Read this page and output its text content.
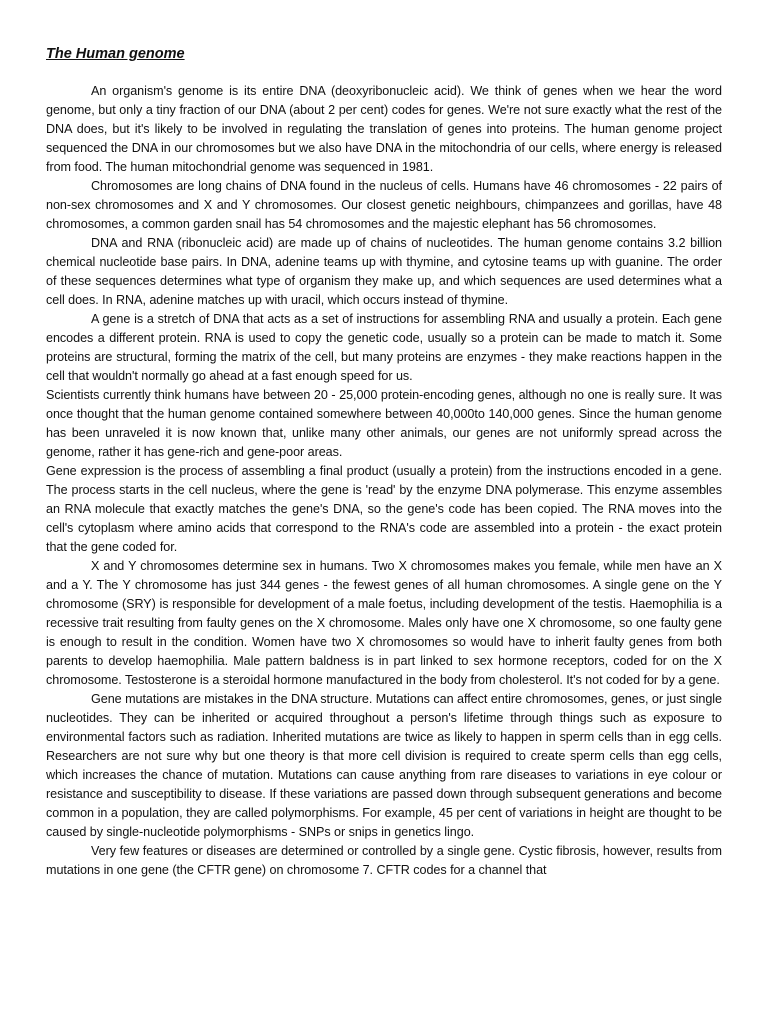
The Human genome

An organism's genome is its entire DNA (deoxyribonucleic acid). We think of genes when we hear the word genome, but only a tiny fraction of our DNA (about 2 per cent) codes for genes. We're not sure exactly what the rest of the DNA does, but it's likely to be involved in regulating the translation of genes into proteins. The human genome project sequenced the DNA in our chromosomes but we also have DNA in the mitochondria of our cells, where energy is released from food. The human mitochondrial genome was sequenced in 1981.

Chromosomes are long chains of DNA found in the nucleus of cells. Humans have 46 chromosomes - 22 pairs of non-sex chromosomes and X and Y chromosomes. Our closest genetic neighbours, chimpanzees and gorillas, have 48 chromosomes, a common garden snail has 54 chromosomes and the majestic elephant has 56 chromosomes.

DNA and RNA (ribonucleic acid) are made up of chains of nucleotides. The human genome contains 3.2 billion chemical nucleotide base pairs. In DNA, adenine teams up with thymine, and cytosine teams up with guanine. The order of these sequences determines what type of organism they make up, and which sequences are used determines what a cell does. In RNA, adenine matches up with uracil, which occurs instead of thymine.

A gene is a stretch of DNA that acts as a set of instructions for assembling RNA and usually a protein. Each gene encodes a different protein. RNA is used to copy the genetic code, usually so a protein can be made to match it. Some proteins are structural, forming the matrix of the cell, but many proteins are enzymes - they make reactions happen in the cell that wouldn't normally go ahead at a fast enough speed for us.

Scientists currently think humans have between 20 - 25,000 protein-encoding genes, although no one is really sure. It was once thought that the human genome contained somewhere between 40,000to 140,000 genes. Since the human genome has been unraveled it is now known that, unlike many other animals, our genes are not uniformly spread across the genome, rather it has gene-rich and gene-poor areas.

Gene expression is the process of assembling a final product (usually a protein) from the instructions encoded in a gene. The process starts in the cell nucleus, where the gene is 'read' by the enzyme DNA polymerase. This enzyme assembles an RNA molecule that exactly matches the gene's DNA, so the gene's code has been copied. The RNA moves into the cell's cytoplasm where amino acids that correspond to the RNA's code are assembled into a protein - the exact protein that the gene coded for.

X and Y chromosomes determine sex in humans. Two X chromosomes makes you female, while men have an X and a Y. The Y chromosome has just 344 genes - the fewest genes of all human chromosomes. A single gene on the Y chromosome (SRY) is responsible for development of a male foetus, including development of the testis. Haemophilia is a recessive trait resulting from faulty genes on the X chromosome. Males only have one X chromosome, so one faulty gene is enough to result in the condition. Women have two X chromosomes so would have to inherit faulty genes from both parents to develop haemophilia. Male pattern baldness is in part linked to sex hormone receptors, coded for on the X chromosome. Testosterone is a steroidal hormone manufactured in the body from cholesterol. It's not coded for by a gene.

Gene mutations are mistakes in the DNA structure. Mutations can affect entire chromosomes, genes, or just single nucleotides. They can be inherited or acquired throughout a person's lifetime through things such as exposure to environmental factors such as radiation. Inherited mutations are twice as likely to happen in sperm cells than in egg cells. Researchers are not sure why but one theory is that more cell division is required to create sperm cells than egg cells, which increases the chance of mutation. Mutations can cause anything from rare diseases to variations in eye colour or resistance and susceptibility to disease. If these variations are passed down through subsequent generations and become common in a population, they are called polymorphisms. For example, 45 per cent of variations in height are thought to be caused by single-nucleotide polymorphisms - SNPs or snips in genetics lingo.

Very few features or diseases are determined or controlled by a single gene. Cystic fibrosis, however, results from mutations in one gene (the CFTR gene) on chromosome 7. CFTR codes for a channel that
